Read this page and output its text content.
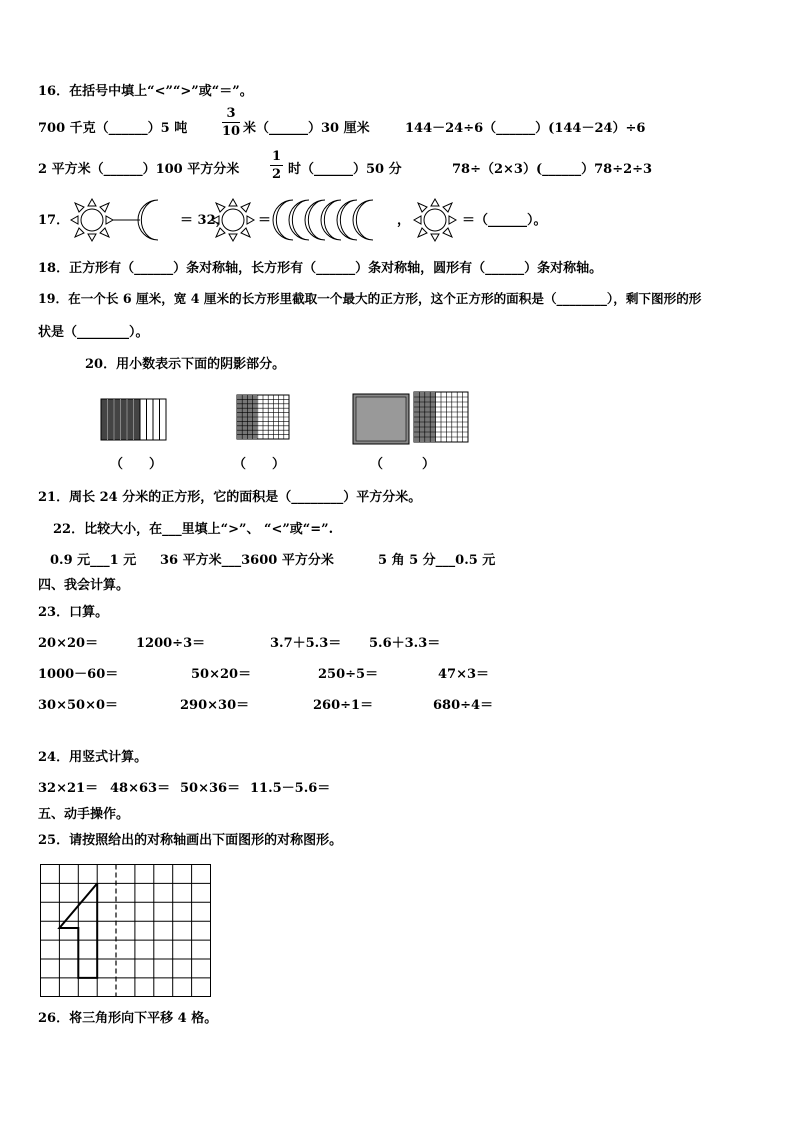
16．在括号中填上“<”“>”或“＝”。
700 千克（______）5 吨	$\frac{3}{10}$ 米（______）30 厘米	144－24÷6（______）(144－24）÷6
2 平方米（______）100 平方分米 $\frac{1}{2}$ 时（______）50 分	78÷（2×3）(______）78÷2÷3
17．	＝ 32， ＝	，	＝（______）。
18．正方形有（______）条对称轴，长方形有（______）条对称轴，圆形有（______）条对称轴。
19．在一个长 6 厘米，宽 4 厘米的长方形里截取一个最大的正方形，这个正方形的面积是（________），剩下图形的形
状是（________）。
20．用小数表示下面的阴影部分。
（　　）	（　　）	（　　　）
21．周长 24 分米的正方形，它的面积是（________）平方分米。
22．比较大小，在___里填上“>”、 “<”或“=”.
0.9 元___1 元 36 平方米___3600 平方分米	5 角 5 分___0.5 元
四、我会计算。
23．口算。
20×20＝	1200÷3＝	3.7＋5.3＝ 5.6＋3.3＝
1000－60＝	50×20＝	250÷5＝	47×3＝
30×50×0＝	290×30＝	260÷1＝	680÷4＝
24．用竖式计算。
32×21＝ 48×63＝ 50×36＝ 11.5－5.6＝
五、动手操作。
25．请按照给出的对称轴画出下面图形的对称图形。
26．将三角形向下平移 4 格。
